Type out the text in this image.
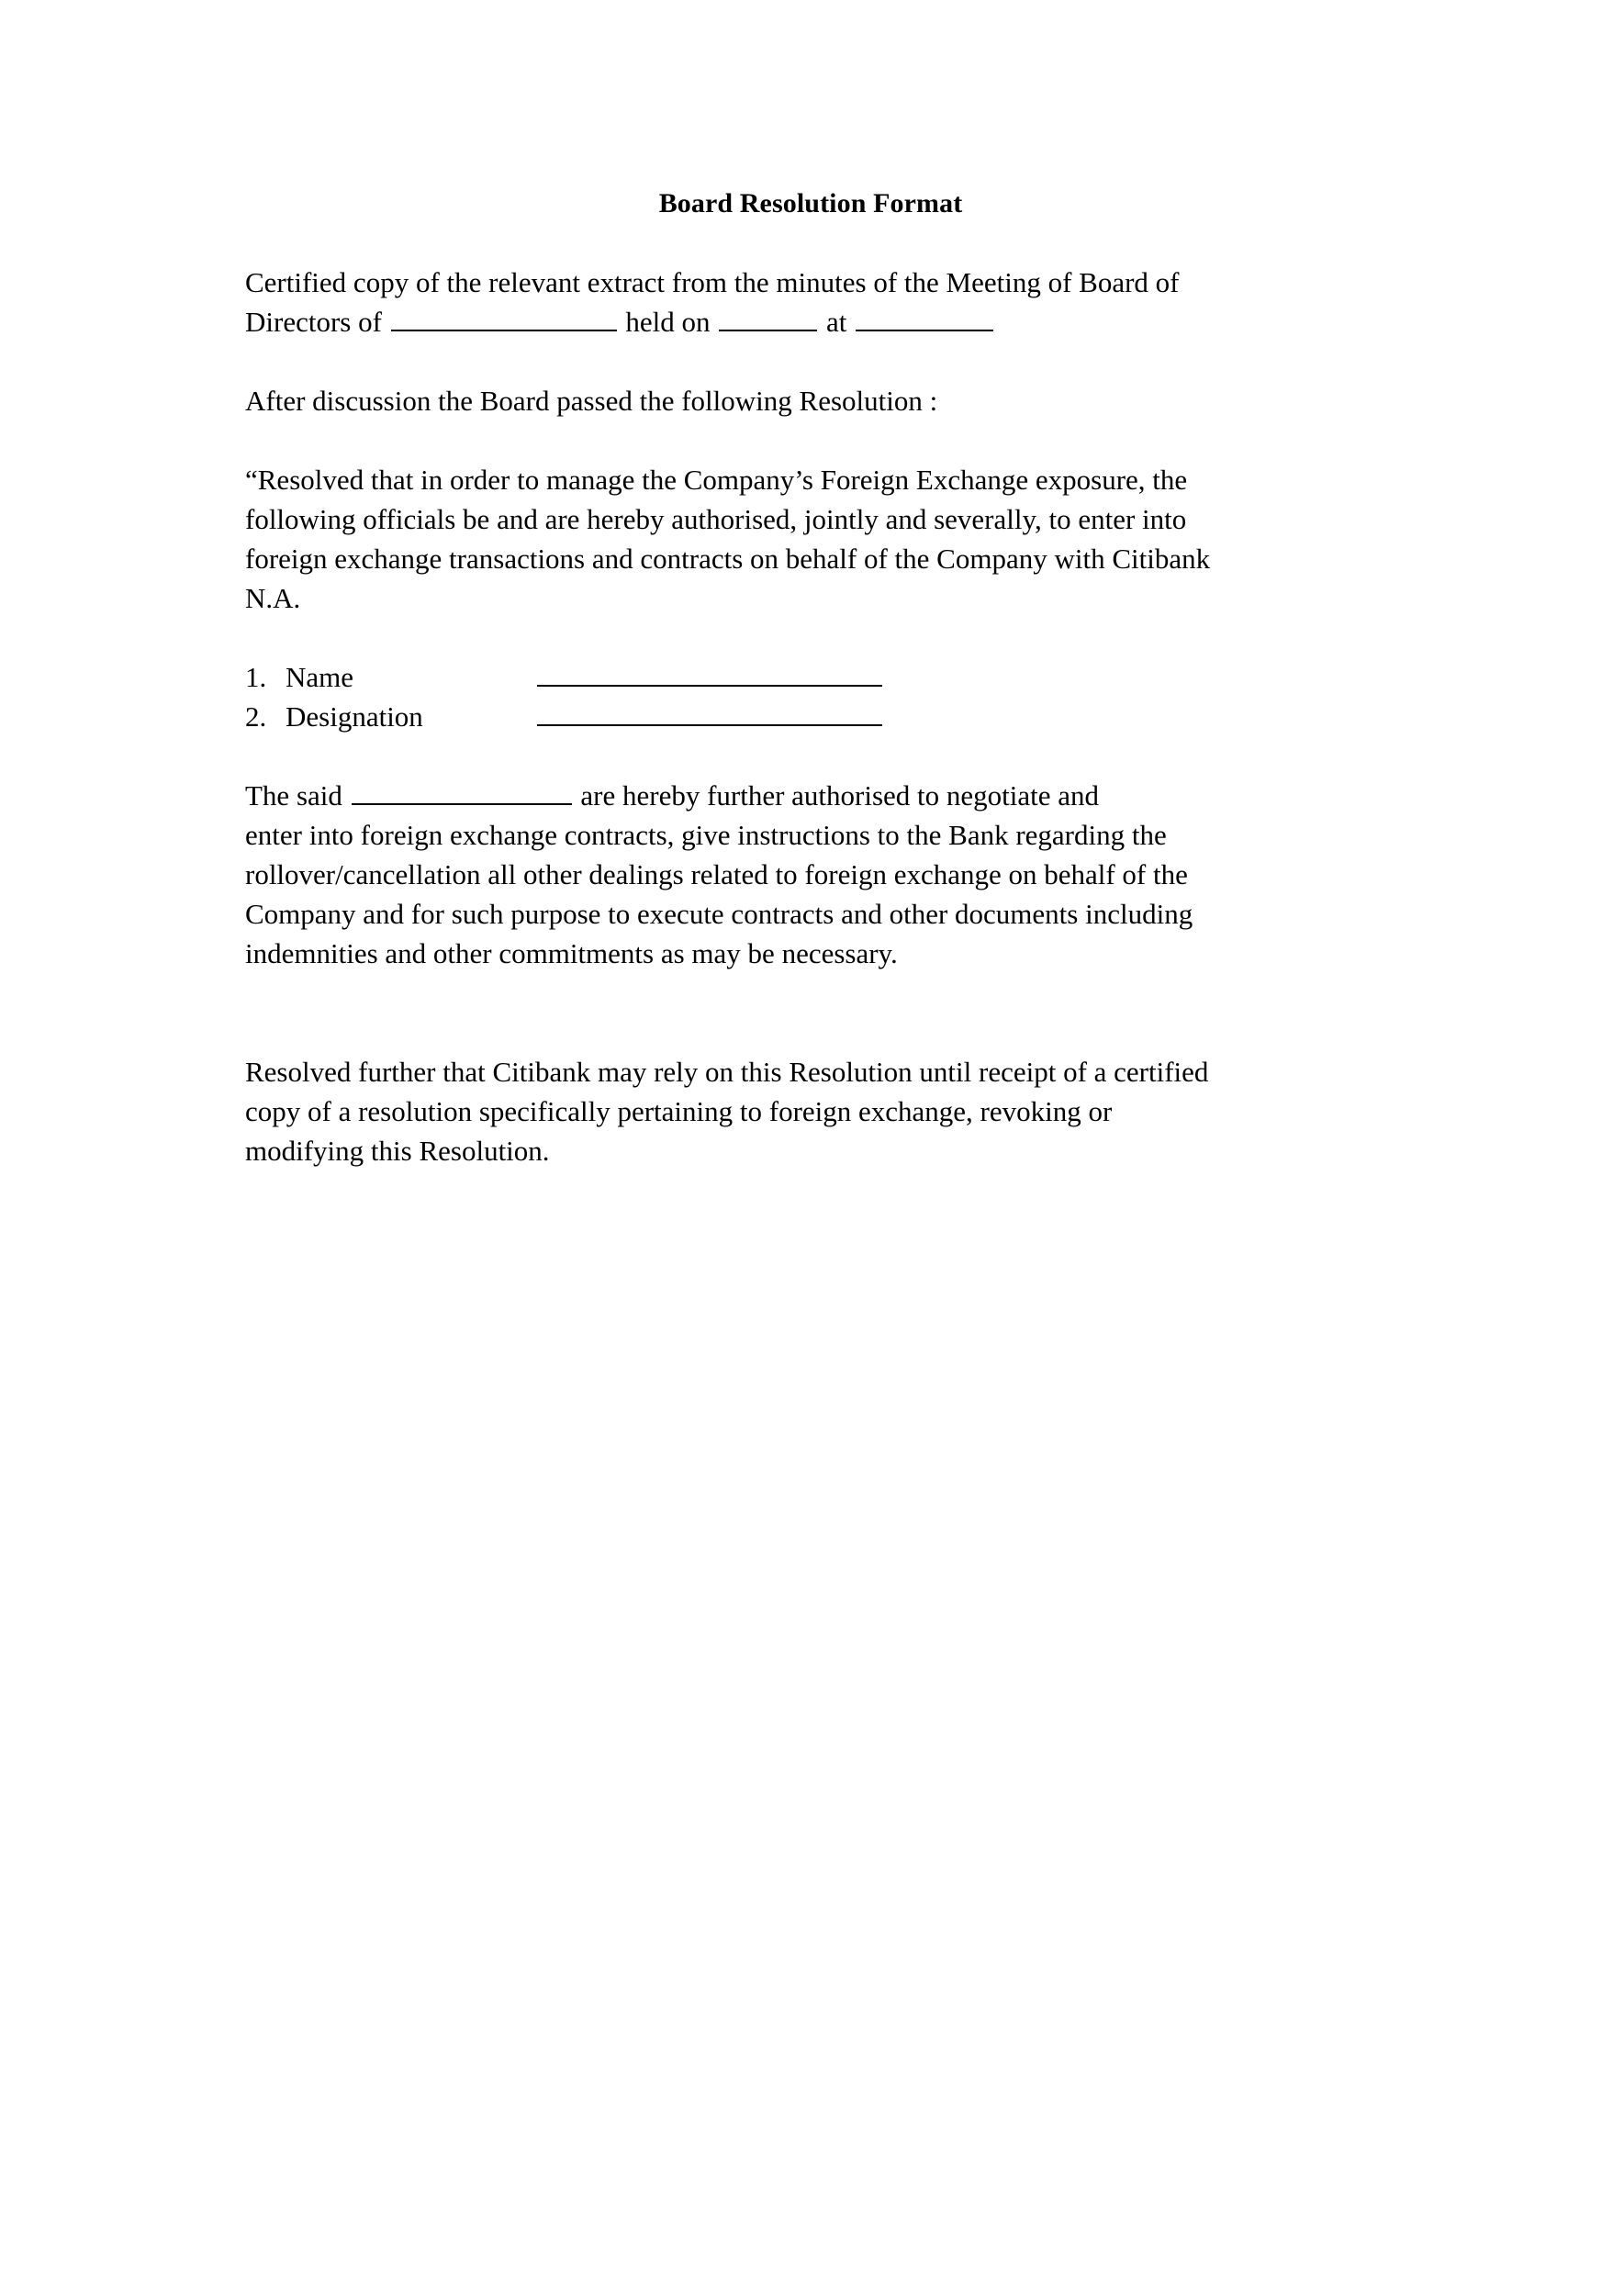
Board Resolution Format
Certified copy of the relevant extract from the minutes of the Meeting of Board of
Directors of	held on	at
After discussion the Board passed the following Resolution :
“Resolved that in order to manage the Company’s Foreign Exchange exposure, the
following officials be and are hereby authorised, jointly and severally, to enter into
foreign exchange transactions and contracts on behalf of the Company with Citibank
N.A.
1. Name
2. Designation
The said	are hereby further authorised to negotiate and
enter into foreign exchange contracts, give instructions to the Bank regarding the
rollover/cancellation all other dealings related to foreign exchange on behalf of the
Company and for such purpose to execute contracts and other documents including
indemnities and other commitments as may be necessary.
Resolved further that Citibank may rely on this Resolution until receipt of a certified
copy of a resolution specifically pertaining to foreign exchange, revoking or
modifying this Resolution.
